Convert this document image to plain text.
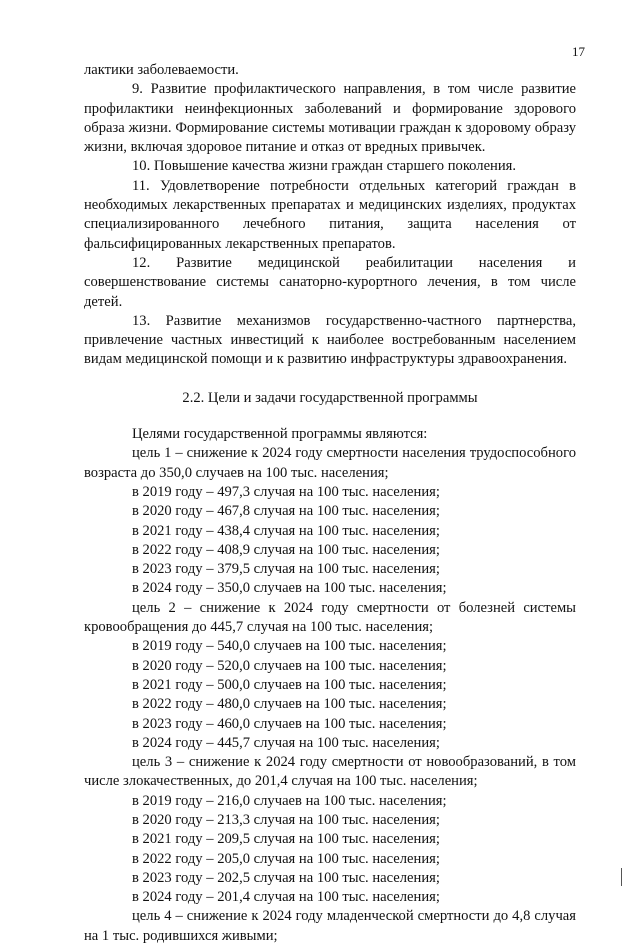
17

лактики заболеваемости.

9. Развитие профилактического направления, в том числе развитие профилактики неинфекционных заболеваний и формирование здорового образа жизни. Формирование системы мотивации граждан к здоровому образу жизни, включая здоровое питание и отказ от вредных привычек.

10. Повышение качества жизни граждан старшего поколения.

11. Удовлетворение потребности отдельных категорий граждан в необходимых лекарственных препаратах и медицинских изделиях, продуктах специализированного лечебного питания, защита населения от фальсифицированных лекарственных препаратов.

12. Развитие медицинской реабилитации населения и совершенствование системы санаторно-курортного лечения, в том числе детей.

13. Развитие механизмов государственно-частного партнерства, привлечение частных инвестиций к наиболее востребованным населением видам медицинской помощи и к развитию инфраструктуры здравоохранения.

2.2. Цели и задачи государственной программы

Целями государственной программы являются:

цель 1 – снижение к 2024 году смертности населения трудоспособного возраста до 350,0 случаев на 100 тыс. населения;

в 2019 году – 497,3 случая на 100 тыс. населения;

в 2020 году – 467,8 случая на 100 тыс. населения;

в 2021 году – 438,4 случая на 100 тыс. населения;

в 2022 году – 408,9 случая на 100 тыс. населения;

в 2023 году – 379,5 случая на 100 тыс. населения;

в 2024 году – 350,0 случаев на 100 тыс. населения;

цель 2 – снижение к 2024 году смертности от болезней системы кровообращения до 445,7 случая на 100 тыс. населения;

в 2019 году – 540,0 случаев на 100 тыс. населения;

в 2020 году – 520,0 случаев на 100 тыс. населения;

в 2021 году – 500,0 случаев на 100 тыс. населения;

в 2022 году – 480,0 случаев на 100 тыс. населения;

в 2023 году – 460,0 случаев на 100 тыс. населения;

в 2024 году – 445,7 случая на 100 тыс. населения;

цель 3 – снижение к 2024 году смертности от новообразований, в том числе злокачественных, до 201,4 случая на 100 тыс. населения;

в 2019 году – 216,0 случаев на 100 тыс. населения;

в 2020 году – 213,3 случая на 100 тыс. населения;

в 2021 году – 209,5 случая на 100 тыс. населения;

в 2022 году – 205,0 случая на 100 тыс. населения;

в 2023 году – 202,5 случая на 100 тыс. населения;

в 2024 году – 201,4 случая на 100 тыс. населения;

цель 4 – снижение к 2024 году младенческой смертности до 4,8 случая на 1 тыс. родившихся живыми;
